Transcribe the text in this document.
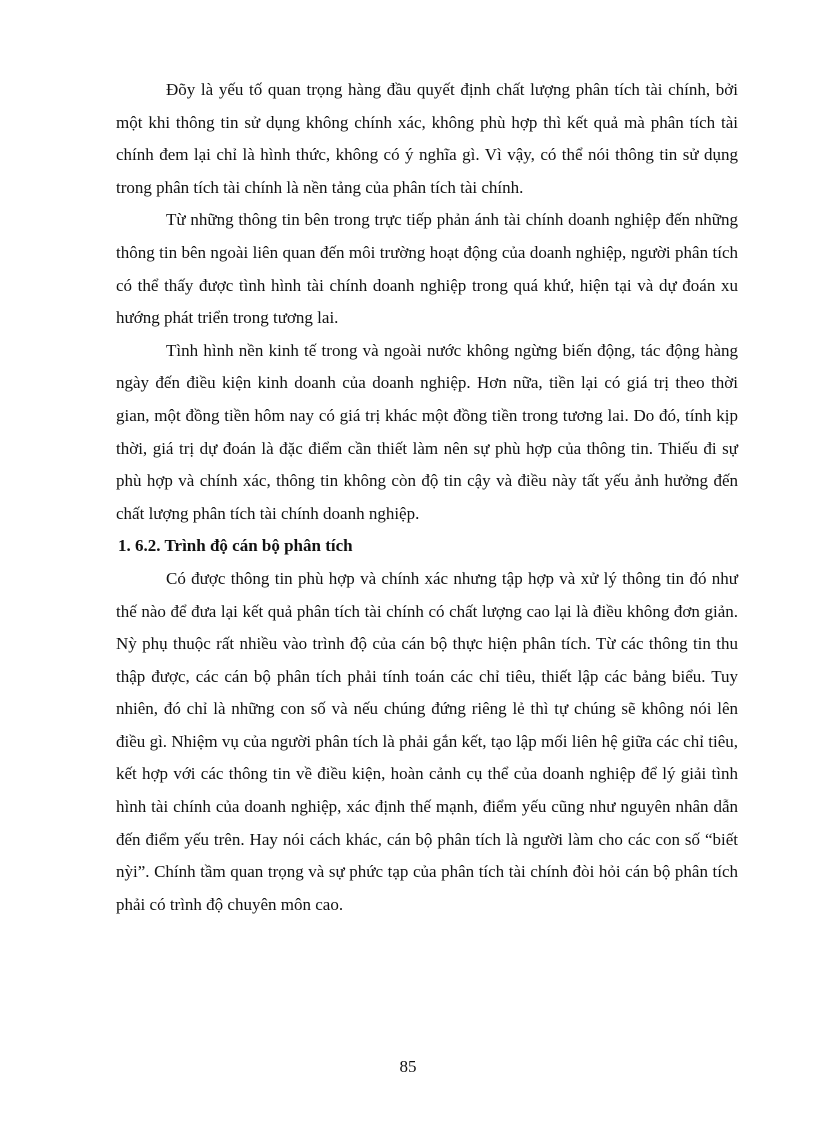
Đõy là yếu tố quan trọng hàng đầu quyết định chất lượng phân tích tài chính, bởi một khi thông tin sử dụng không chính xác, không phù hợp thì kết quả mà phân tích tài chính đem lại chỉ là hình thức, không có ý nghĩa gì. Vì vậy, có thể nói thông tin sử dụng trong phân tích tài chính là nền tảng của phân tích tài chính.

Từ những thông tin bên trong trực tiếp phản ánh tài chính doanh nghiệp đến những thông tin bên ngoài liên quan đến môi trường hoạt động của doanh nghiệp, người phân tích có thể thấy được tình hình tài chính doanh nghiệp trong quá khứ, hiện tại và dự đoán xu hướng phát triển trong tương lai.

Tình hình nền kinh tế trong và ngoài nước không ngừng biến động, tác động hàng ngày đến điều kiện kinh doanh của doanh nghiệp. Hơn nữa, tiền lại có giá trị theo thời gian, một đồng tiền hôm nay có giá trị khác một đồng tiền trong tương lai. Do đó, tính kịp thời, giá trị dự đoán là đặc điểm cần thiết làm nên sự phù hợp của thông tin. Thiếu đi sự phù hợp và chính xác, thông tin không còn độ tin cậy và điều này tất yếu ảnh hưởng đến chất lượng phân tích tài chính doanh nghiệp.

1. 6.2. Trình độ cán bộ phân tích

Có được thông tin phù hợp và chính xác nhưng tập hợp và xử lý thông tin đó như thế nào để đưa lại kết quả phân tích tài chính có chất lượng cao lại là điều không đơn giản. Nỳ phụ thuộc rất nhiều vào trình độ của cán bộ thực hiện phân tích. Từ các thông tin thu thập được, các cán bộ phân tích phải tính toán các chỉ tiêu, thiết lập các bảng biểu. Tuy nhiên, đó chỉ là những con số và nếu chúng đứng riêng lẻ thì tự chúng sẽ không nói lên điều gì. Nhiệm vụ của người phân tích là phải gắn kết, tạo lập mối liên hệ giữa các chỉ tiêu, kết hợp với các thông tin về điều kiện, hoàn cảnh cụ thể của doanh nghiệp để lý giải tình hình tài chính của doanh nghiệp, xác định thế mạnh, điểm yếu cũng như nguyên nhân dẫn đến điểm yếu trên. Hay nói cách khác, cán bộ phân tích là người làm cho các con số “biết nỳi”. Chính tầm quan trọng và sự phức tạp của phân tích tài chính đòi hỏi cán bộ phân tích phải có trình độ chuyên môn cao.

85
